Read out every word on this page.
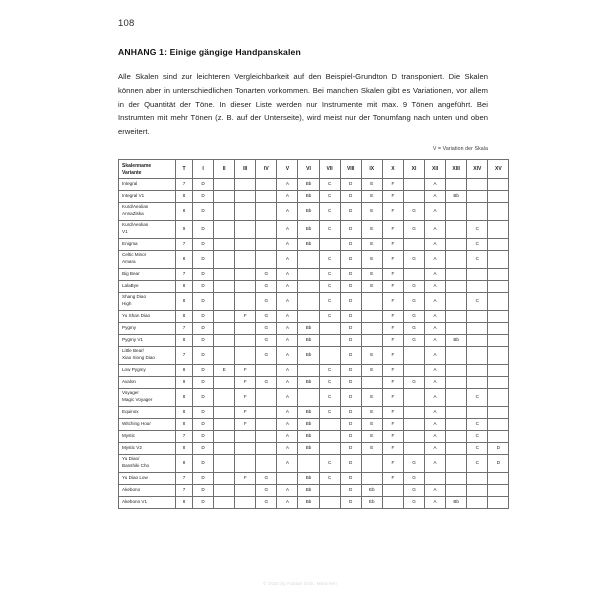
108
ANHANG 1: Einige gängige Handpanskalen

Alle Skalen sind zur leichteren Vergleichbarkeit auf den Beispiel-Grundton D transponiert. Die Skalen können aber in unterschiedlichen Tonarten vorkommen. Bei manchen Skalen gibt es Variationen, vor allem in der Quantität der Töne. In dieser Liste werden nur Instrumente mit max. 9 Tönen angeführt. Bei Instrumten mit mehr Tönen (z. B. auf der Unterseite), wird meist nur der Tonumfang nach unten und oben erweitert.

V = Variation der Skala
Skalenname
Variante	T	I	II	III	IV	V	VI	VII	VIII	IX	X	XI	XII	XIII	XIV	XV

Integral	7	D				A	Bb	C	D	E	F		A			

Integral V1	8	D				A	Bb	C	D	E	F		A	Bb		

Kurd/Aeolian
AnnaZiska	8	D				A	Bb	C	D	E	F	G	A			

Kurd/Aeolian
V1	9	D				A	Bb	C	D	E	F	G	A		C	

Enigma	7	D				A	Bb		D	E	F		A		C	

Celtic Minor
Amara	8	D				A		C	D	E	F	G	A		C	

Big Bear	7	D			G	A		C	D	E	F		A			

LalaBye	8	D			G	A		C	D	E	F	G	A			

Shang Diao
High	8	D			G	A		C	D		F	G	A		C	

Yu Shan Diao	8	D		F	G	A		C	D		F	G	A			

Pygmy	7	D			G	A	Bb		D		F	G	A			

Pygmy V1	8	D			G	A	Bb		D		F	G	A	Bb		

Little Bear/
Xiao Xiong Diao	7	D			G	A	Bb		D	E	F		A			

Low Pygmy	8	D	E	F		A		C	D	E	F		A			

Avalon	9	D		F	G	A	Bb	C	D		F	G	A			

Voyager
Magic Voyager	8	D		F		A		C	D	E	F		A		C	

Equinox	8	D		F		A	Bb	C	D	E	F		A			

Witching Hour	8	D		F		A	Bb		D	E	F		A		C	

Mystic	7	D				A	Bb		D	E	F		A		C	

Mystic V2	8	D				A	Bb		D	E	F		A		C	D

Yu Diao/
Banshiki Cho	8	D				A		C	D		F	G	A		C	D

Yu Diao Low	7	D		F	G		Bb	C	D		F	G				

Akebono	7	D			G	A	Bb		D	Eb		G	A			

Akebono V1	8	D			G	A	Bb		D	Eb		G	A	Bb		
© 2020 by Fabian Dick, München
